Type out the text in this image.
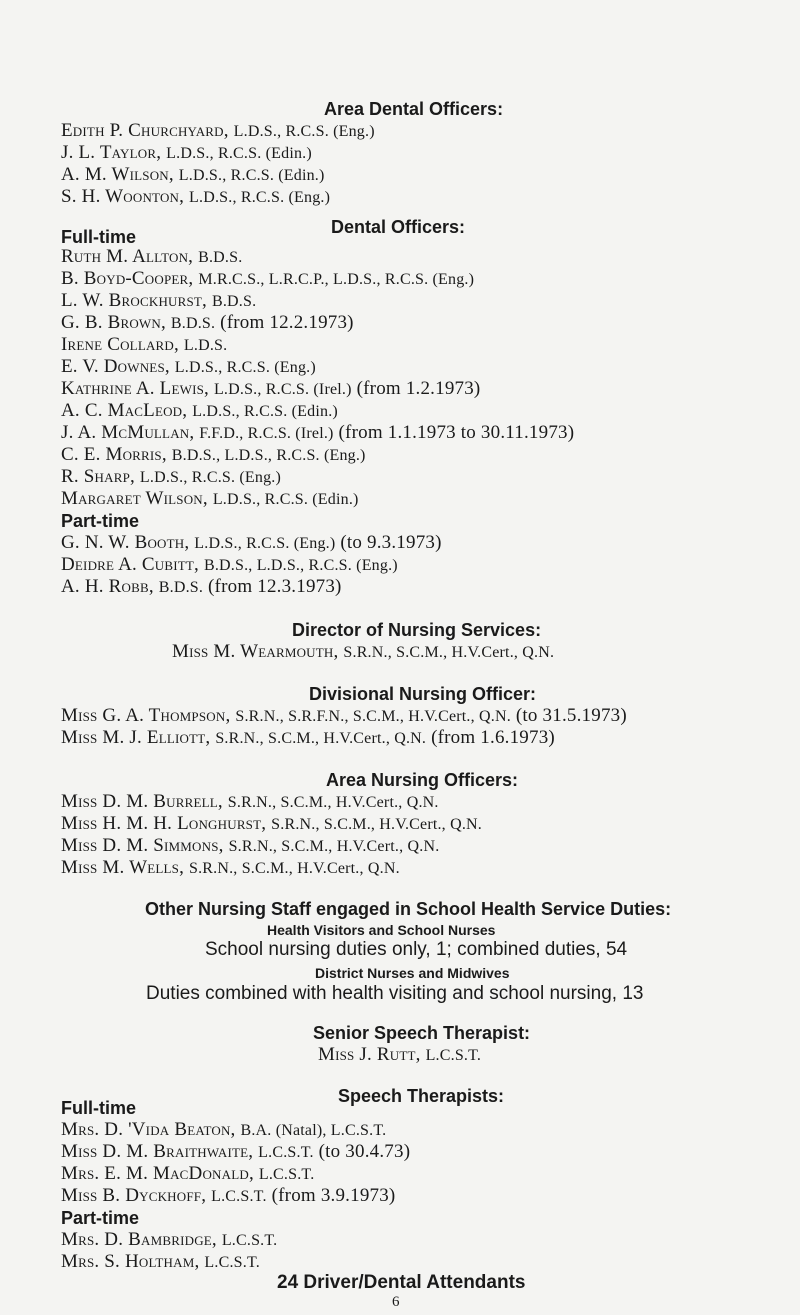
Area Dental Officers:
Edith P. Churchyard, L.D.S., R.C.S. (Eng.)
J. L. Taylor, L.D.S., R.C.S. (Edin.)
A. M. Wilson, L.D.S., R.C.S. (Edin.)
S. H. Woonton, L.D.S., R.C.S. (Eng.)
Full-time	Dental Officers:
Ruth M. Allton, B.D.S.
B. Boyd-Cooper, M.R.C.S., L.R.C.P., L.D.S., R.C.S. (Eng.)
L. W. Brockhurst, B.D.S.
G. B. Brown, B.D.S. (from 12.2.1973)
Irene Collard, L.D.S.
E. V. Downes, L.D.S., R.C.S. (Eng.)
Kathrine A. Lewis, L.D.S., R.C.S. (Irel.) (from 1.2.1973)
A. C. MacLeod, L.D.S., R.C.S. (Edin.)
J. A. McMullan, F.F.D., R.C.S. (Irel.) (from 1.1.1973 to 30.11.1973)
C. E. Morris, B.D.S., L.D.S., R.C.S. (Eng.)
R. Sharp, L.D.S., R.C.S. (Eng.)
Margaret Wilson, L.D.S., R.C.S. (Edin.)
Part-time
G. N. W. Booth, L.D.S., R.C.S. (Eng.) (to 9.3.1973)
Deidre A. Cubitt, B.D.S., L.D.S., R.C.S. (Eng.)
A. H. Robb, B.D.S. (from 12.3.1973)
Director of Nursing Services:
Miss M. Wearmouth, S.R.N., S.C.M., H.V.Cert., Q.N.
Divisional Nursing Officer:
Miss G. A. Thompson, S.R.N., S.R.F.N., S.C.M., H.V.Cert., Q.N. (to 31.5.1973)
Miss M. J. Elliott, S.R.N., S.C.M., H.V.Cert., Q.N. (from 1.6.1973)
Area Nursing Officers:
Miss D. M. Burrell, S.R.N., S.C.M., H.V.Cert., Q.N.
Miss H. M. H. Longhurst, S.R.N., S.C.M., H.V.Cert., Q.N.
Miss D. M. Simmons, S.R.N., S.C.M., H.V.Cert., Q.N.
Miss M. Wells, S.R.N., S.C.M., H.V.Cert., Q.N.
Other Nursing Staff engaged in School Health Service Duties:
Health Visitors and School Nurses
School nursing duties only, 1; combined duties, 54
District Nurses and Midwives
Duties combined with health visiting and school nursing, 13
Senior Speech Therapist:
Miss J. Rutt, L.C.S.T.
Full-time
Speech Therapists:
Mrs. D. 'Vida Beaton, B.A. (Natal), L.C.S.T.
Miss D. M. Braithwaite, L.C.S.T. (to 30.4.73)
Mrs. E. M. MacDonald, L.C.S.T.
Miss B. Dyckhoff, L.C.S.T. (from 3.9.1973)
Part-time
Mrs. D. Bambridge, L.C.S.T.
Mrs. S. Holtham, L.C.S.T.
24 Driver/Dental Attendants
6
